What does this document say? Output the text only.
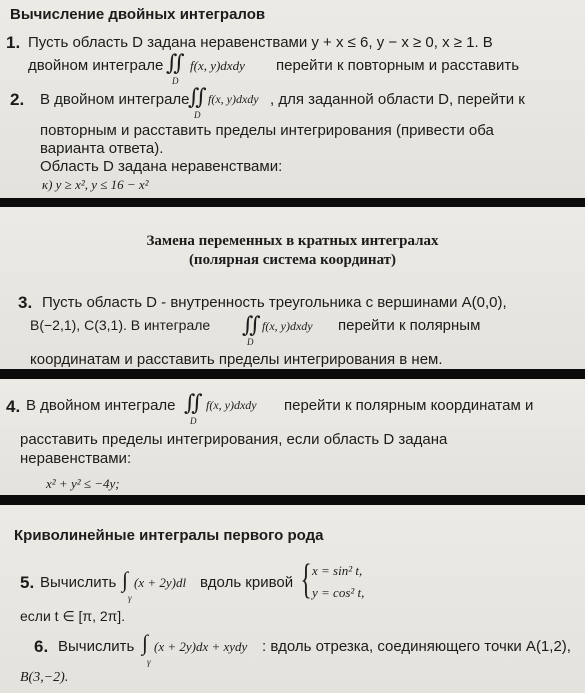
Вычисление двойных интегралов
1. Пусть область D задана неравенствами y + x ≤ 6, y − x ≥ 0, x ≥ 1. В
двойном интеграле ∬ f(x, y)dxdy
D
перейти к повторным и расставить
2. В двойном интеграле
∬ f(x, y)dxdy
D
, для заданной области D, перейти к
повторным и расставить пределы интегрирования (привести оба
варианта ответа).
Область D задана неравенствами:
к) y ≥ x², y ≤ 16 − x²
Замена переменных в кратных интегралах
(полярная система координат)
3. Пусть область D - внутренность треугольника с вершинами A(0,0),
B(−2,1), C(3,1). В интеграле ∬ f(x, y)dxdy
D
перейти к полярным
координатам и расставить пределы интегрирования в нем.
4. В двойном интеграле ∬ f(x, y)dxdy
D
перейти к полярным координатам и
расставить пределы интегрирования, если область D задана
неравенствами:
x² + y² ≤ −4y;
Криволинейные интегралы первого рода
5. Вычислить ∫ (x + 2y)dl
γ
вдоль кривой { x = sin² t,
y = cos² t,
если t ∈ [π, 2π].
6. Вычислить ∫ (x + 2y)dx + xydy
γ
: вдоль отрезка, соединяющего точки A(1,2),
B(3,−2).
